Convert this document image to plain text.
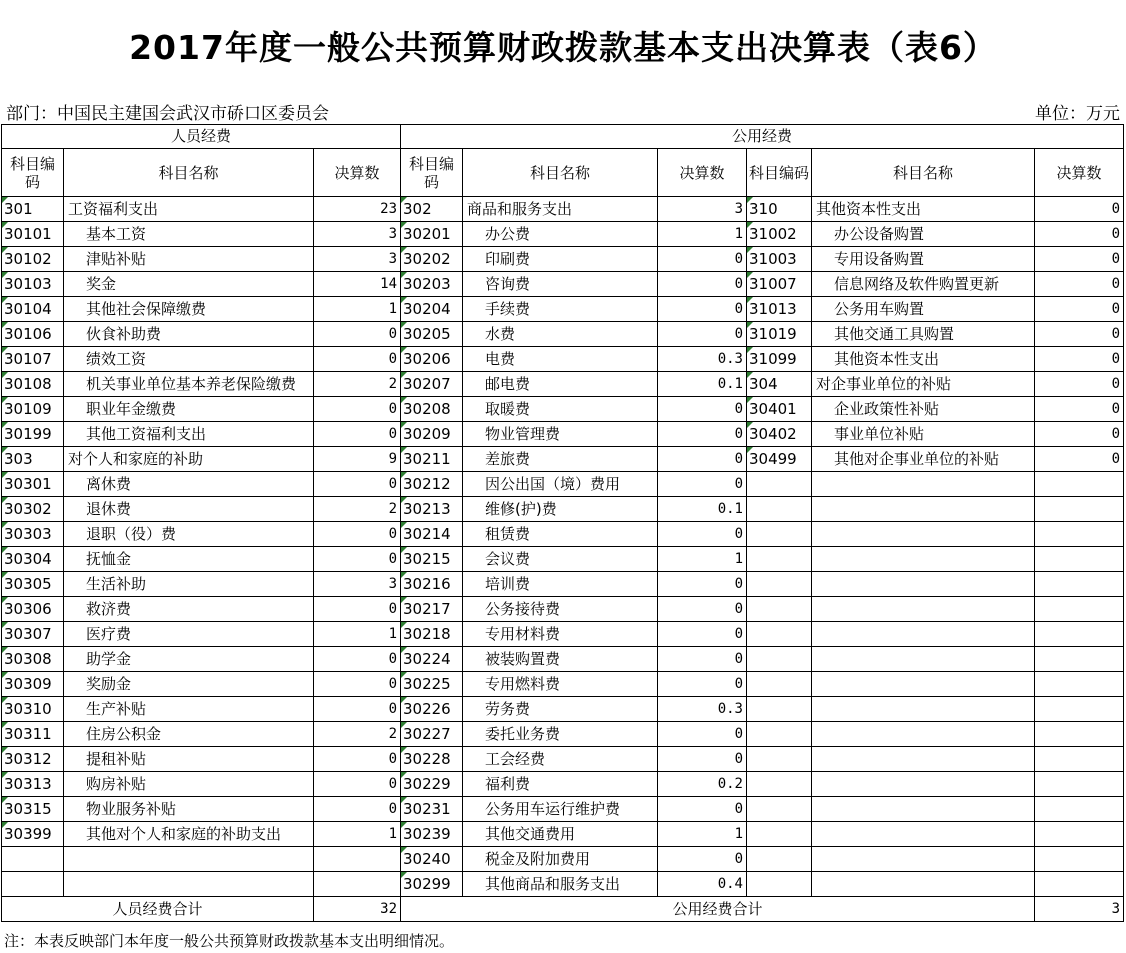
2017年度一般公共预算财政拨款基本支出决算表（表6）
部门：中国民主建国会武汉市硚口区委员会	单位：万元
人员经费			公用经费					
科目编码	科目名称	决算数	科目编码	科目名称	决算数	科目编码	科目名称	决算数
301	工资福利支出	23	302	商品和服务支出	3	310	其他资本性支出	0
30101	基本工资	3	30201	办公费	1	31002	办公设备购置	0
30102	津贴补贴	3	30202	印刷费	0	31003	专用设备购置	0
30103	奖金	14	30203	咨询费	0	31007	信息网络及软件购置更新	0
30104	其他社会保障缴费	1	30204	手续费	0	31013	公务用车购置	0
30106	伙食补助费	0	30205	水费	0	31019	其他交通工具购置	0
30107	绩效工资	0	30206	电费	0.3	31099	其他资本性支出	0
30108	机关事业单位基本养老保险缴费	2	30207	邮电费	0.1	304	对企事业单位的补贴	0
30109	职业年金缴费	0	30208	取暖费	0	30401	企业政策性补贴	0
30199	其他工资福利支出	0	30209	物业管理费	0	30402	事业单位补贴	0
303	对个人和家庭的补助	9	30211	差旅费	0	30499	其他对企事业单位的补贴	0
30301	离休费	0	30212	因公出国（境）费用	0			
30302	退休费	2	30213	维修(护)费	0.1			
30303	退职（役）费	0	30214	租赁费	0			
30304	抚恤金	0	30215	会议费	1			
30305	生活补助	3	30216	培训费	0			
30306	救济费	0	30217	公务接待费	0			
30307	医疗费	1	30218	专用材料费	0			
30308	助学金	0	30224	被装购置费	0			
30309	奖励金	0	30225	专用燃料费	0			
30310	生产补贴	0	30226	劳务费	0.3			
30311	住房公积金	2	30227	委托业务费	0			
30312	提租补贴	0	30228	工会经费	0			
30313	购房补贴	0	30229	福利费	0.2			
30315	物业服务补贴	0	30231	公务用车运行维护费	0			
30399	其他对个人和家庭的补助支出	1	30239	其他交通费用	1			
			30240	税金及附加费用	0			
			30299	其他商品和服务支出	0.4			
人员经费合计		32	公用经费合计					3
注：本表反映部门本年度一般公共预算财政拨款基本支出明细情况。
